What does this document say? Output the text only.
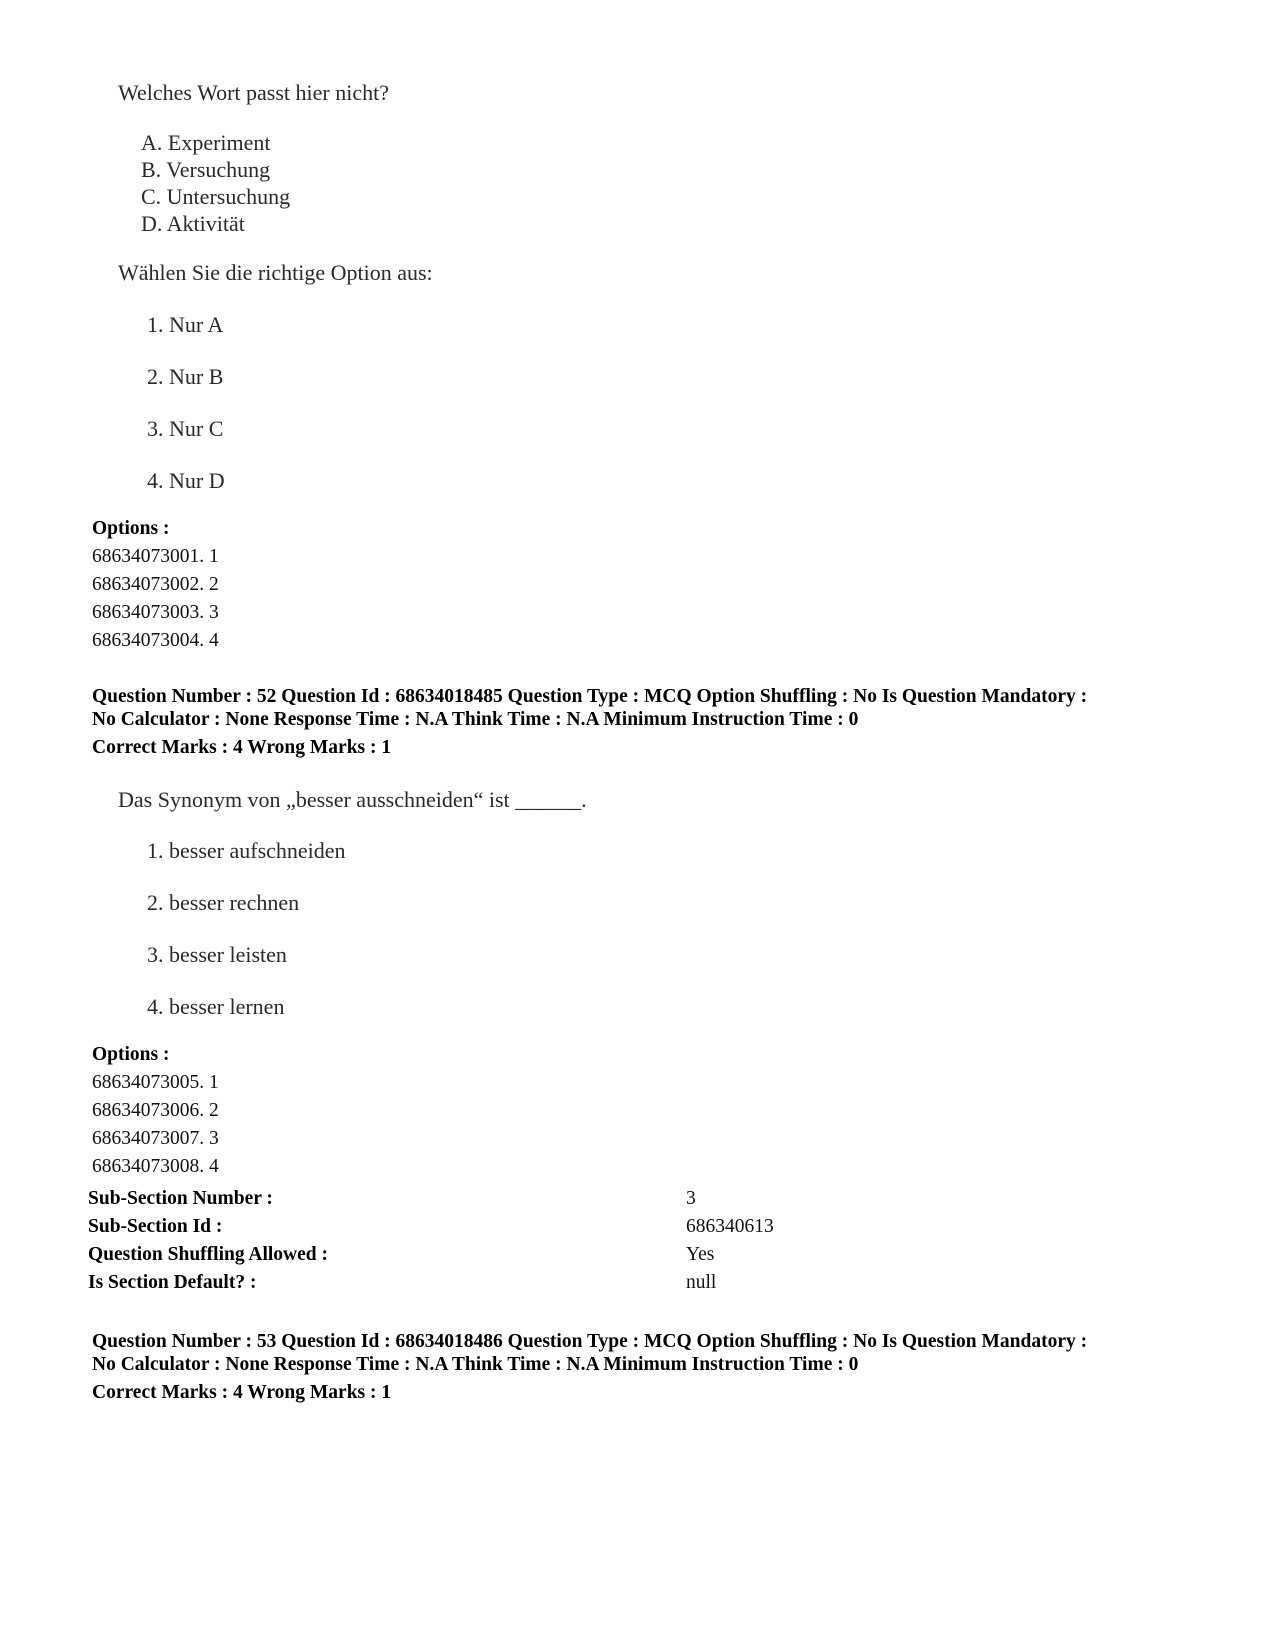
Welches Wort passt hier nicht?
A. Experiment
B. Versuchung
C. Untersuchung
D. Aktivität
Wählen Sie die richtige Option aus:
1. Nur A
2. Nur B
3. Nur C
4. Nur D
Options :
68634073001. 1
68634073002. 2
68634073003. 3
68634073004. 4
Question Number : 52 Question Id : 68634018485 Question Type : MCQ Option Shuffling : No Is Question Mandatory :
No Calculator : None Response Time : N.A Think Time : N.A Minimum Instruction Time : 0
Correct Marks : 4 Wrong Marks : 1
Das Synonym von „besser ausschneiden“ ist ______.
1. besser aufschneiden
2. besser rechnen
3. besser leisten
4. besser lernen
Options :
68634073005. 1
68634073006. 2
68634073007. 3
68634073008. 4
Sub-Section Number :	3
Sub-Section Id :	686340613
Question Shuffling Allowed :	Yes
Is Section Default? :	null
Question Number : 53 Question Id : 68634018486 Question Type : MCQ Option Shuffling : No Is Question Mandatory :
No Calculator : None Response Time : N.A Think Time : N.A Minimum Instruction Time : 0
Correct Marks : 4 Wrong Marks : 1
